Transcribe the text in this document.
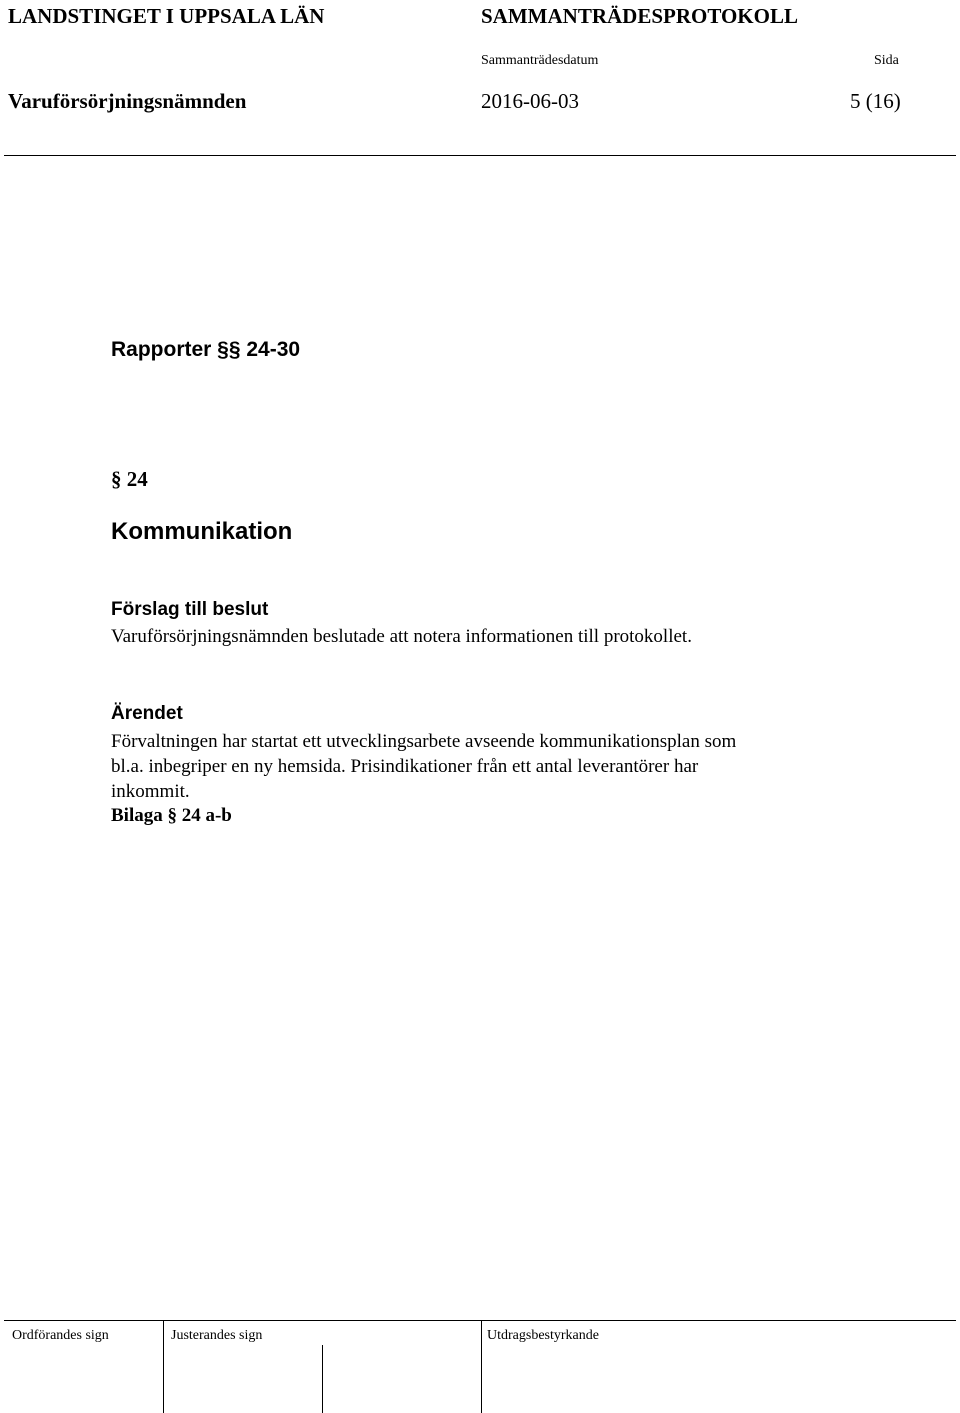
LANDSTINGET I UPPSALA LÄN	SAMMANTRÄDESPROTOKOLL
Sammanträdesdatum	Sida
Varuförsörjningsnämnden	2016-06-03	5 (16)
Rapporter §§ 24-30
§ 24
Kommunikation
Förslag till beslut
Varuförsörjningsnämnden beslutade att notera informationen till protokollet.
Ärendet
Förvaltningen har startat ett utvecklingsarbete avseende kommunikationsplan som
bl.a. inbegriper en ny hemsida. Prisindikationer från ett antal leverantörer har
inkommit.
Bilaga § 24 a-b
Ordförandes sign	Justerandes sign	Utdragsbestyrkande
